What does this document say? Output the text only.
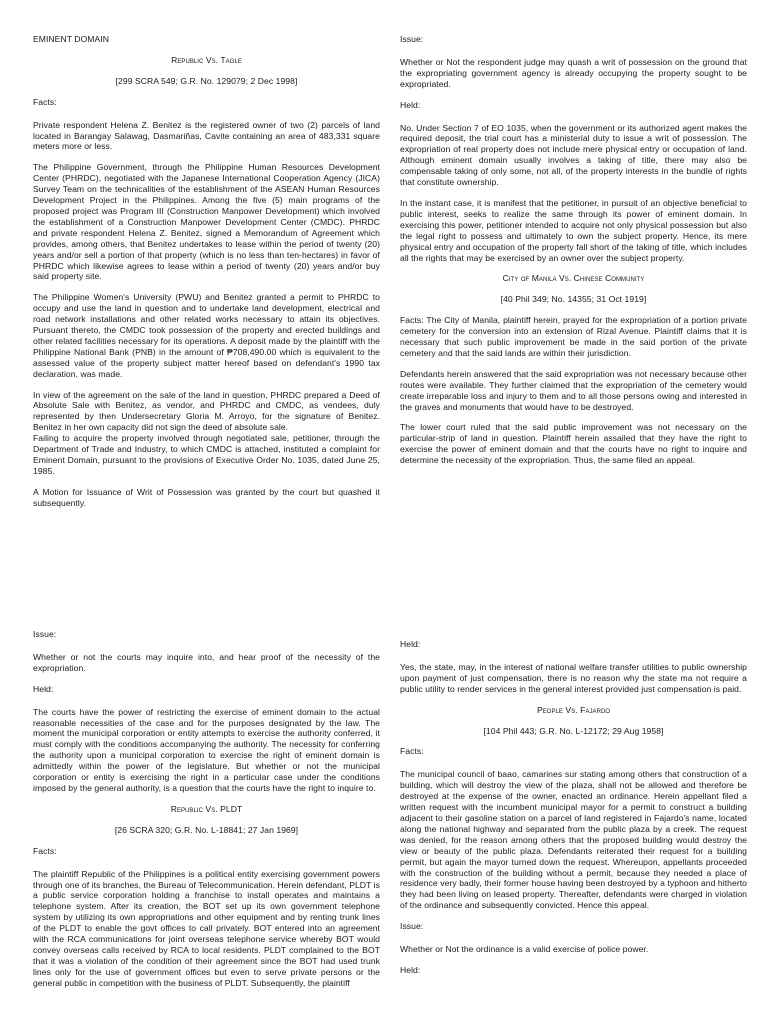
EMINENT DOMAIN

Republic Vs. Tagle

[299 SCRA 549; G.R. No. 129079; 2 Dec 1998]

Facts:

Private respondent Helena Z. Benitez is the registered owner of two (2) parcels of land located in Barangay Salawag, Dasmariñas, Cavite containing an area of 483,331 square meters more or less.

The Philippine Government, through the Philippine Human Resources Development Center (PHRDC), negotiated with the Japanese International Cooperation Agency (JICA) Survey Team on the technicalities of the establishment of the ASEAN Human Resources Development Project in the Philippines. Among the five (5) main programs of the proposed project was Program III (Construction Manpower Development) which involved the establishment of a Construction Manpower Development Center (CMDC). PHRDC and private respondent Helena Z. Benitez, signed a Memorandum of Agreement which provides, among others, that Benitez undertakes to lease within the period of twenty (20) years and/or sell a portion of that property (which is no less than ten-hectares) in favor of PHRDC which likewise agrees to lease within a period of twenty (20) years and/or buy said property site.

The Philippine Women's University (PWU) and Benitez granted a permit to PHRDC to occupy and use the land in question and to undertake land development, electrical and road network installations and other related works necessary to attain its objectives. Pursuant thereto, the CMDC took possession of the property and erected buildings and other related facilities necessary for its operations. A deposit made by the plaintiff with the Philippine National Bank (PNB) in the amount of ₱708,490.00 which is equivalent to the assessed value of the property subject matter hereof based on defendant's 1990 tax declaration, was made.

In view of the agreement on the sale of the land in question, PHRDC prepared a Deed of Absolute Sale with Benitez, as vendor, and PHRDC and CMDC, as vendees, duly represented by then Undersecretary Gloria M. Arroyo, for the signature of Benitez. Benitez in her own capacity did not sign the deed of absolute sale.

Failing to acquire the property involved through negotiated sale, petitioner, through the Department of Trade and Industry, to which CMDC is attached, instituted a complaint for Eminent Domain, pursuant to the provisions of Executive Order No. 1035, dated June 25, 1985.

A Motion for Issuance of Writ of Possession was granted by the court but quashed it subsequently.

Issue:

Whether or Not the respondent judge may quash a writ of possession on the ground that the expropriating government agency is already occupying the property sought to be expropriated.

Held:

No. Under Section 7 of EO 1035, when the government or its authorized agent makes the required deposit, the trial court has a ministerial duty to issue a writ of possession. The expropriation of real property does not include mere physical entry or occupation of land. Although eminent domain usually involves a taking of title, there may also be compensable taking of only some, not all, of the property interests in the bundle of rights that constitute ownership.

In the instant case, it is manifest that the petitioner, in pursuit of an objective beneficial to public interest, seeks to realize the same through its power of eminent domain. In exercising this power, petitioner intended to acquire not only physical possession but also the legal right to possess and ultimately to own the subject property. Hence, its mere physical entry and occupation of the property fall short of the taking of title, which includes all the rights that may be exercised by an owner over the subject property.

City of Manila Vs. Chinese Community

[40 Phil 349; No. 14355; 31 Oct 1919]

Facts: The City of Manila, plaintiff herein, prayed for the expropriation of a portion private cemetery for the conversion into an extension of Rizal Avenue. Plaintiff claims that it is necessary that such public improvement be made in the said portion of the private cemetery and that the said lands are within their jurisdiction.

Defendants herein answered that the said expropriation was not necessary because other routes were available. They further claimed that the expropriation of the cemetery would create irreparable loss and injury to them and to all those persons owing and interested in the graves and monuments that would have to be destroyed.

The lower court ruled that the said public improvement was not necessary on the particular-strip of land in question. Plaintiff herein assailed that they have the right to exercise the power of eminent domain and that the courts have no right to inquire and determine the necessity of the expropriation. Thus, the same filed an appeal.

Issue:

Whether or not the courts may inquire into, and hear proof of the necessity of the expropriation.

Held:

The courts have the power of restricting the exercise of eminent domain to the actual reasonable necessities of the case and for the purposes designated by the law. The moment the municipal corporation or entity attempts to exercise the authority conferred, it must comply with the conditions accompanying the authority. The necessity for conferring the authority upon a municipal corporation to exercise the right of eminent domain is admittedly within the power of the legislature. But whether or not the municipal corporation or entity is exercising the right in a particular case under the conditions imposed by the general authority, is a question that the courts have the right to inquire to.

Republic Vs. PLDT

[26 SCRA 320; G.R. No. L-18841; 27 Jan 1969]

Facts:

The plaintiff Republic of the Philippines is a political entity exercising government powers through one of its branches, the Bureau of Telecommunication. Herein defendant, PLDT is a public service corporation holding a franchise to install operates and maintains a telephone system. After its creation, the BOT set up its own government telephone system by utilizing its own appropriations and other equipment and by renting trunk lines of the PLDT to enable the govt offices to call privately. BOT entered into an agreement with the RCA communications for joint overseas telephone service whereby BOT would convey overseas calls received by RCA to local residents. PLDT complained to the BOT that it was a violation of the condition of their agreement since the BOT had used trunk lines only for the use of government offices but even to serve private persons or the general public in competition with the business of PLDT. Subsequently, the plaintiff

Held:

Yes, the state, may, in the interest of national welfare transfer utilities to public ownership upon payment of just compensation, there is no reason why the state ma not require a public utility to render services in the general interest provided just compensation is paid.

People Vs. Fajardo

[104 Phil 443; G.R. No. L-12172; 29 Aug 1958]

Facts:

The municipal council of baao, camarines sur stating among others that construction of a building, which will destroy the view of the plaza, shall not be allowed and therefore be destroyed at the expense of the owner, enacted an ordinance. Herein appellant filed a written request with the incumbent municipal mayor for a permit to construct a building adjacent to their gasoline station on a parcel of land registered in Fajardo's name, located along the national highway and separated from the public plaza by a creek. The request was denied, for the reason among others that the proposed building would destroy the view or beauty of the public plaza. Defendants reiterated their request for a building permit, but again the mayor turned down the request. Whereupon, appellants proceeded with the construction of the building without a permit, because they needed a place of residence very badly, their former house having been destroyed by a typhoon and hitherto they had been living on leased property. Thereafter, defendants were charged in violation of the ordinance and subsequently convicted. Hence this appeal.

Issue:

Whether or Not the ordinance is a valid exercise of police power.

Held:
